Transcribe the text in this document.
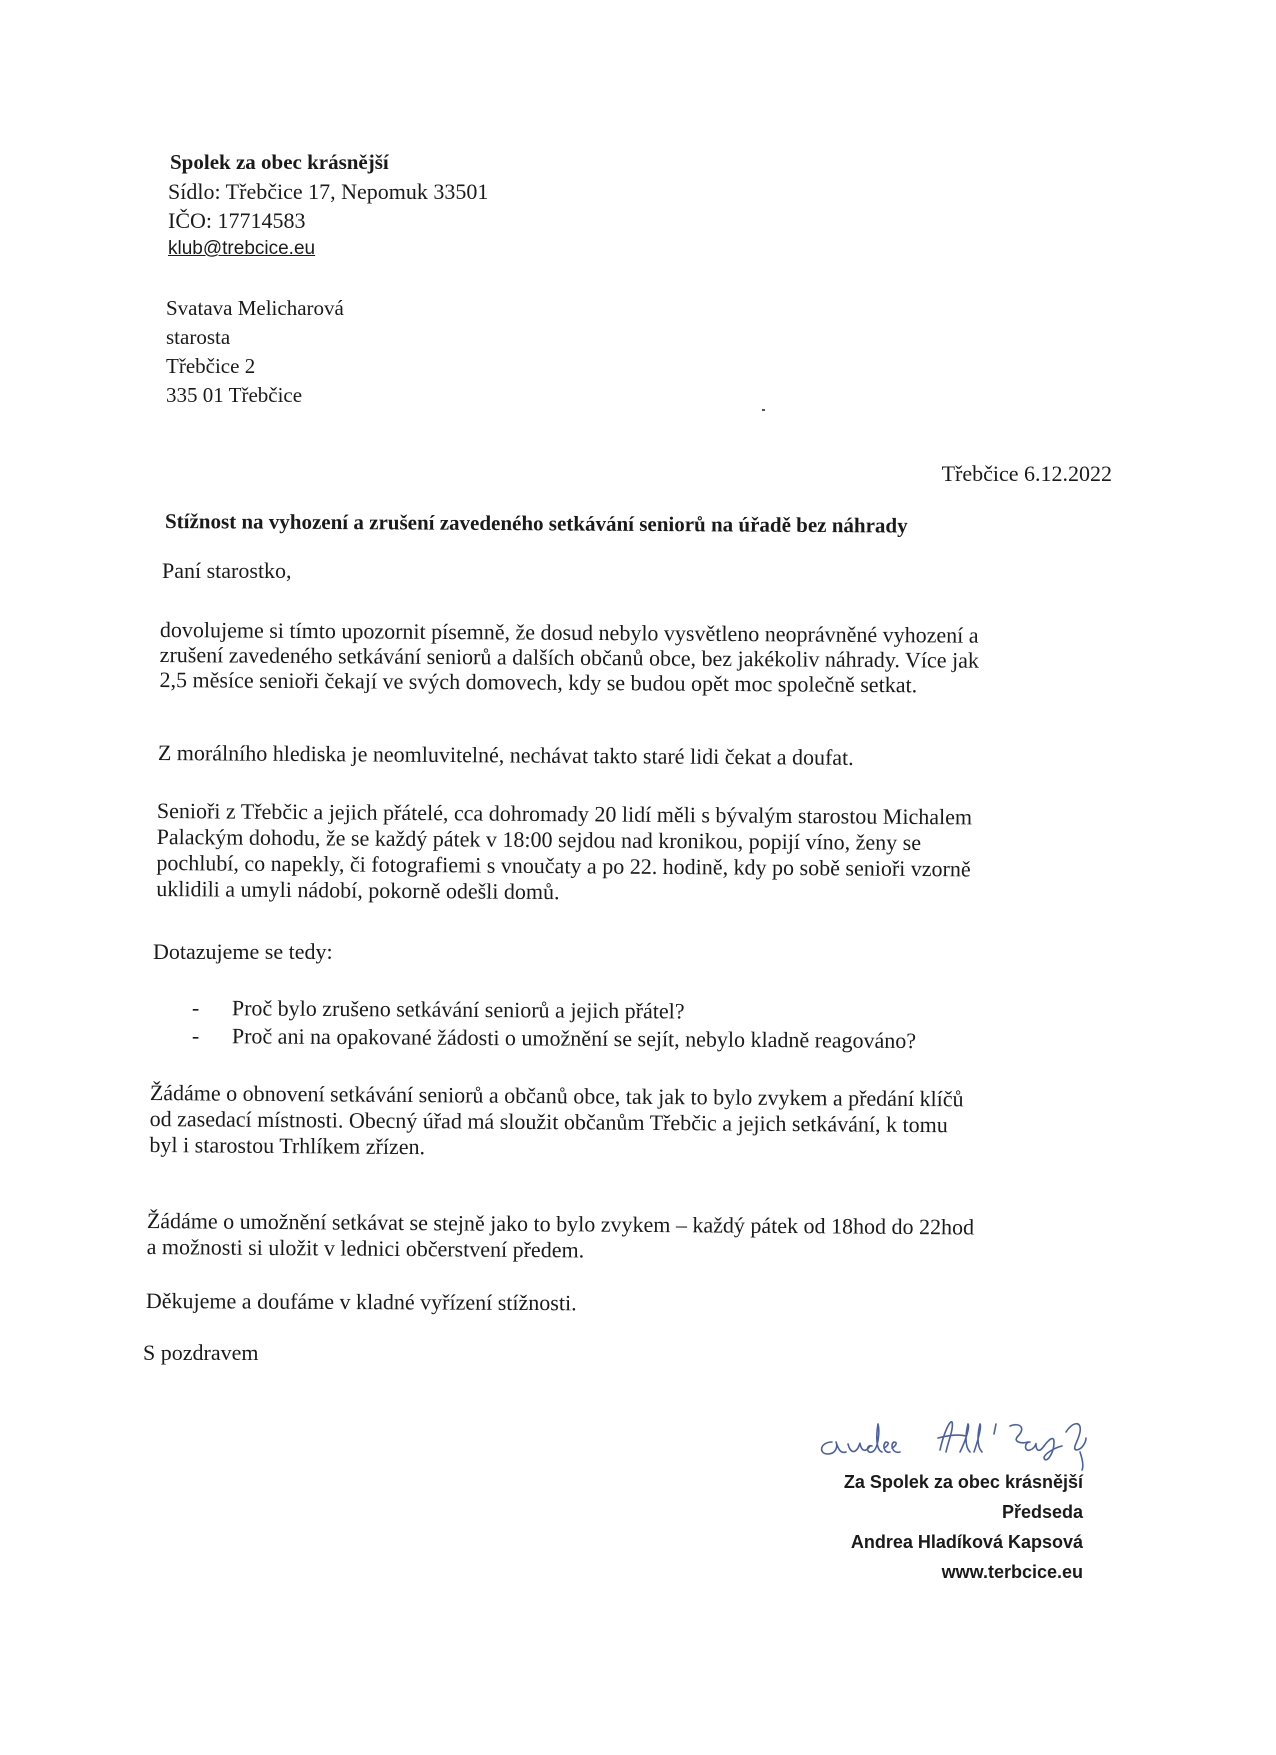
Spolek za obec krásnější
Sídlo: Třebčice 17, Nepomuk 33501
IČO: 17714583
klub@trebcice.eu
Svatava Melicharová
starosta
Třebčice 2
335 01 Třebčice
Třebčice 6.12.2022
Stížnost na vyhození a zrušení zavedeného setkávání seniorů na úřadě bez náhrady
Paní starostko,
dovolujeme si tímto upozornit písemně, že dosud nebylo vysvětleno neoprávněné vyhození a
zrušení zavedeného setkávání seniorů a dalších občanů obce, bez jakékoliv náhrady. Více jak
2,5 měsíce senioři čekají ve svých domovech, kdy se budou opět moc společně setkat.
Z morálního hlediska je neomluvitelné, nechávat takto staré lidi čekat a doufat.
Senioři z Třebčic a jejich přátelé, cca dohromady 20 lidí měli s bývalým starostou Michalem
Palackým dohodu, že se každý pátek v 18:00 sejdou nad kronikou, popijí víno, ženy se
pochlubí, co napekly, či fotografiemi s vnoučaty a po 22. hodině, kdy po sobě senioři vzorně
uklidili a umyli nádobí, pokorně odešli domů.
Dotazujeme se tedy:
- Proč bylo zrušeno setkávání seniorů a jejich přátel?
- Proč ani na opakované žádosti o umožnění se sejít, nebylo kladně reagováno?
Žádáme o obnovení setkávání seniorů a občanů obce, tak jak to bylo zvykem a předání klíčů
od zasedací místnosti. Obecný úřad má sloužit občanům Třebčic a jejich setkávání, k tomu
byl i starostou Trhlíkem zřízen.
Žádáme o umožnění setkávat se stejně jako to bylo zvykem – každý pátek od 18hod do 22hod
a možnosti si uložit v lednici občerstvení předem.
Děkujeme a doufáme v kladné vyřízení stížnosti.
S pozdravem
Za Spolek za obec krásnější
Předseda
Andrea Hladíková Kapsová
www.terbcice.eu
